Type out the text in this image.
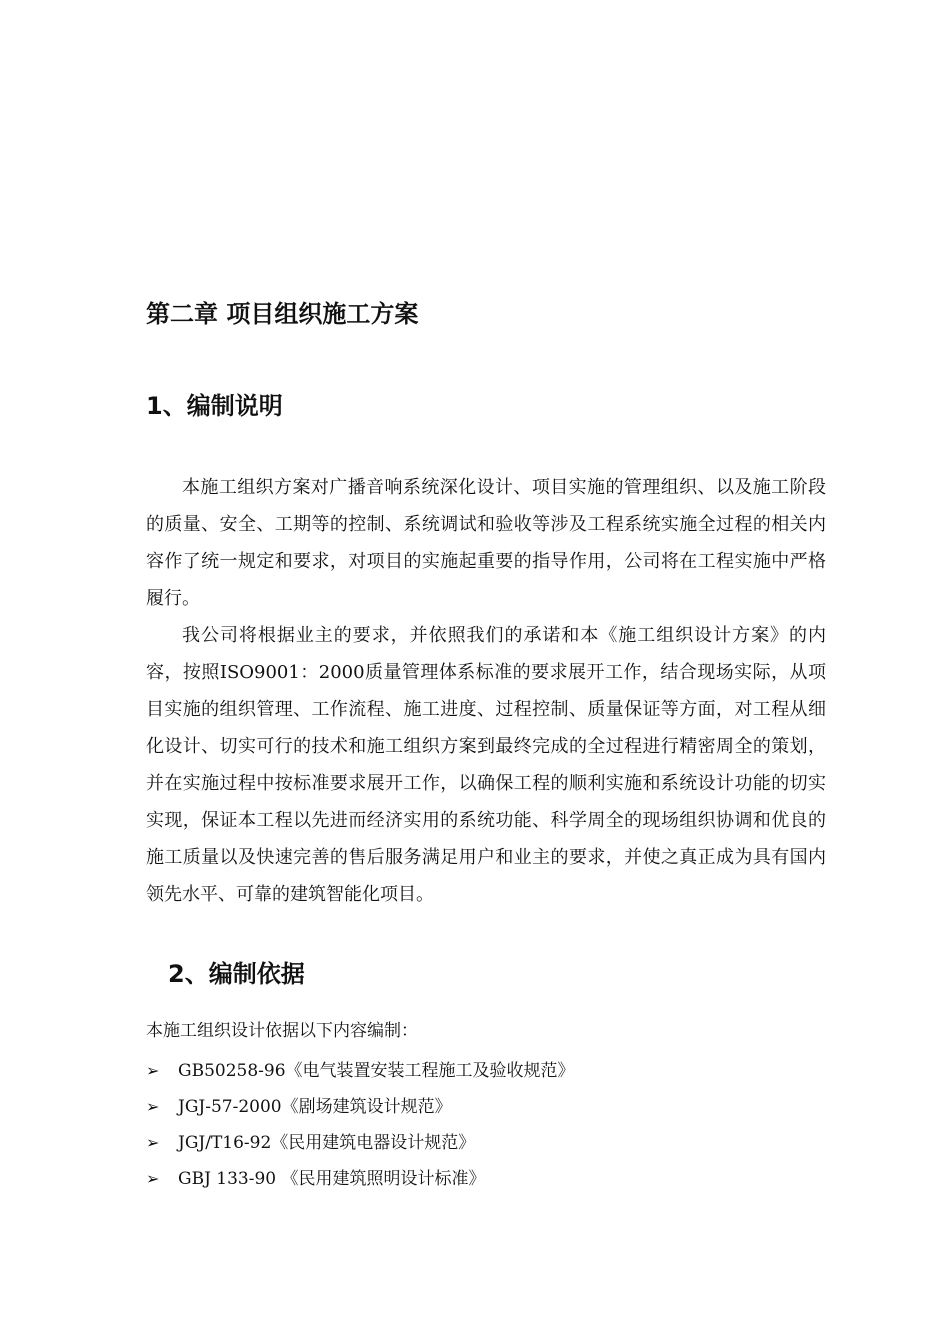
第二章 项目组织施工方案
1、编制说明

本施工组织方案对广播音响系统深化设计、项目实施的管理组织、以及施工阶段的质量、安全、工期等的控制、系统调试和验收等涉及工程系统实施全过程的相关内容作了统一规定和要求，对项目的实施起重要的指导作用，公司将在工程实施中严格履行。

我公司将根据业主的要求，并依照我们的承诺和本《施工组织设计方案》的内容，按照ISO9001：2000质量管理体系标准的要求展开工作，结合现场实际，从项目实施的组织管理、工作流程、施工进度、过程控制、质量保证等方面，对工程从细化设计、切实可行的技术和施工组织方案到最终完成的全过程进行精密周全的策划，并在实施过程中按标准要求展开工作，以确保工程的顺利实施和系统设计功能的切实实现，保证本工程以先进而经济实用的系统功能、科学周全的现场组织协调和优良的施工质量以及快速完善的售后服务满足用户和业主的要求，并使之真正成为具有国内领先水平、可靠的建筑智能化项目。

2、编制依据
本施工组织设计依据以下内容编制：
➢	GB50258-96《电气装置安装工程施工及验收规范》
➢	JGJ-57-2000《剧场建筑设计规范》
➢	JGJ/T16-92《民用建筑电器设计规范》
➢	GBJ 133-90 《民用建筑照明设计标准》
